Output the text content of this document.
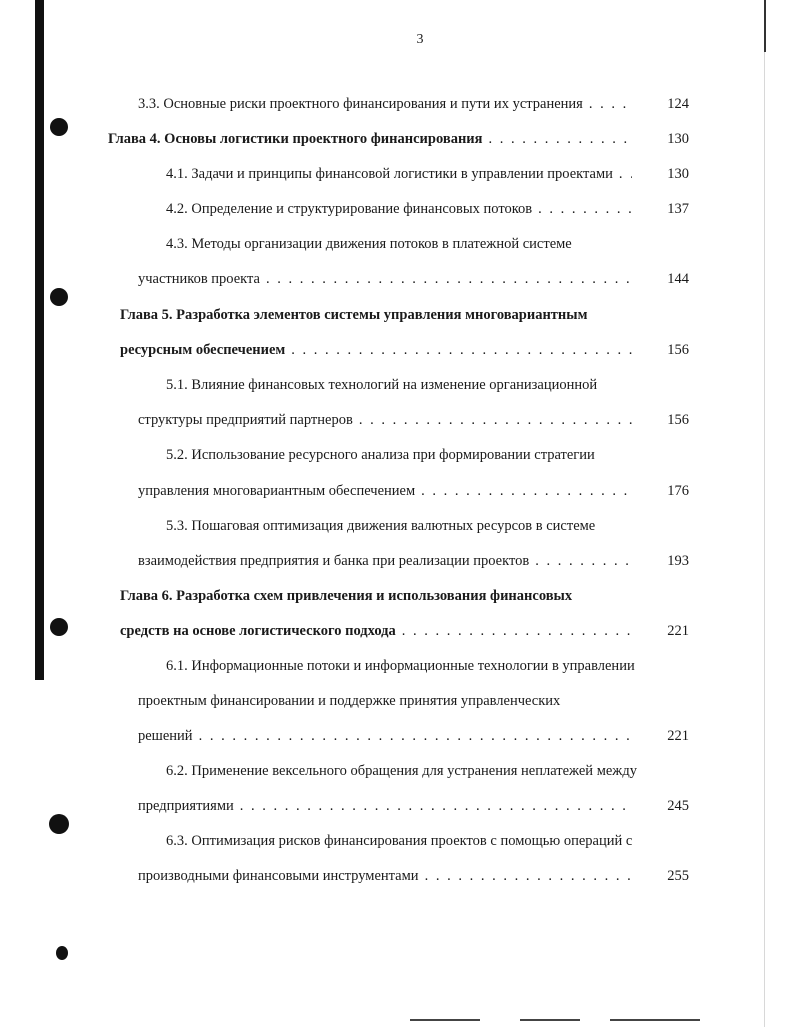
3
3.3. Основные риски проектного финансирования и пути их устранения . . .	124
Глава 4. Основы логистики проектного финансирования . . .	130
4.1. Задачи и принципы финансовой логистики в управлении проектами . . .	130
4.2. Определение и структурирование финансовых потоков . . .	137
4.3. Методы организации движения потоков в платежной системе
участников проекта . . .	144
Глава 5. Разработка элементов системы управления многовариантным
ресурсным обеспечением . . .	156
5.1. Влияние финансовых технологий на изменение организационной
структуры предприятий партнеров . . .	156
5.2. Использование ресурсного анализа при формировании стратегии
управления многовариантным обеспечением . . .	176
5.3. Пошаговая оптимизация движения валютных ресурсов в системе
взаимодействия предприятия и банка при реализации проектов . . .	193
Глава 6. Разработка схем привлечения и использования финансовых
средств на основе логистического подхода . . .	221
6.1. Информационные потоки и информационные технологии в управлении
проектным финансировании и поддержке принятия управленческих
решений . . .	221
6.2. Применение вексельного обращения для устранения неплатежей между
предприятиями . . .	245
6.3. Оптимизация рисков финансирования проектов с помощью операций с
производными финансовыми инструментами . . .	255
